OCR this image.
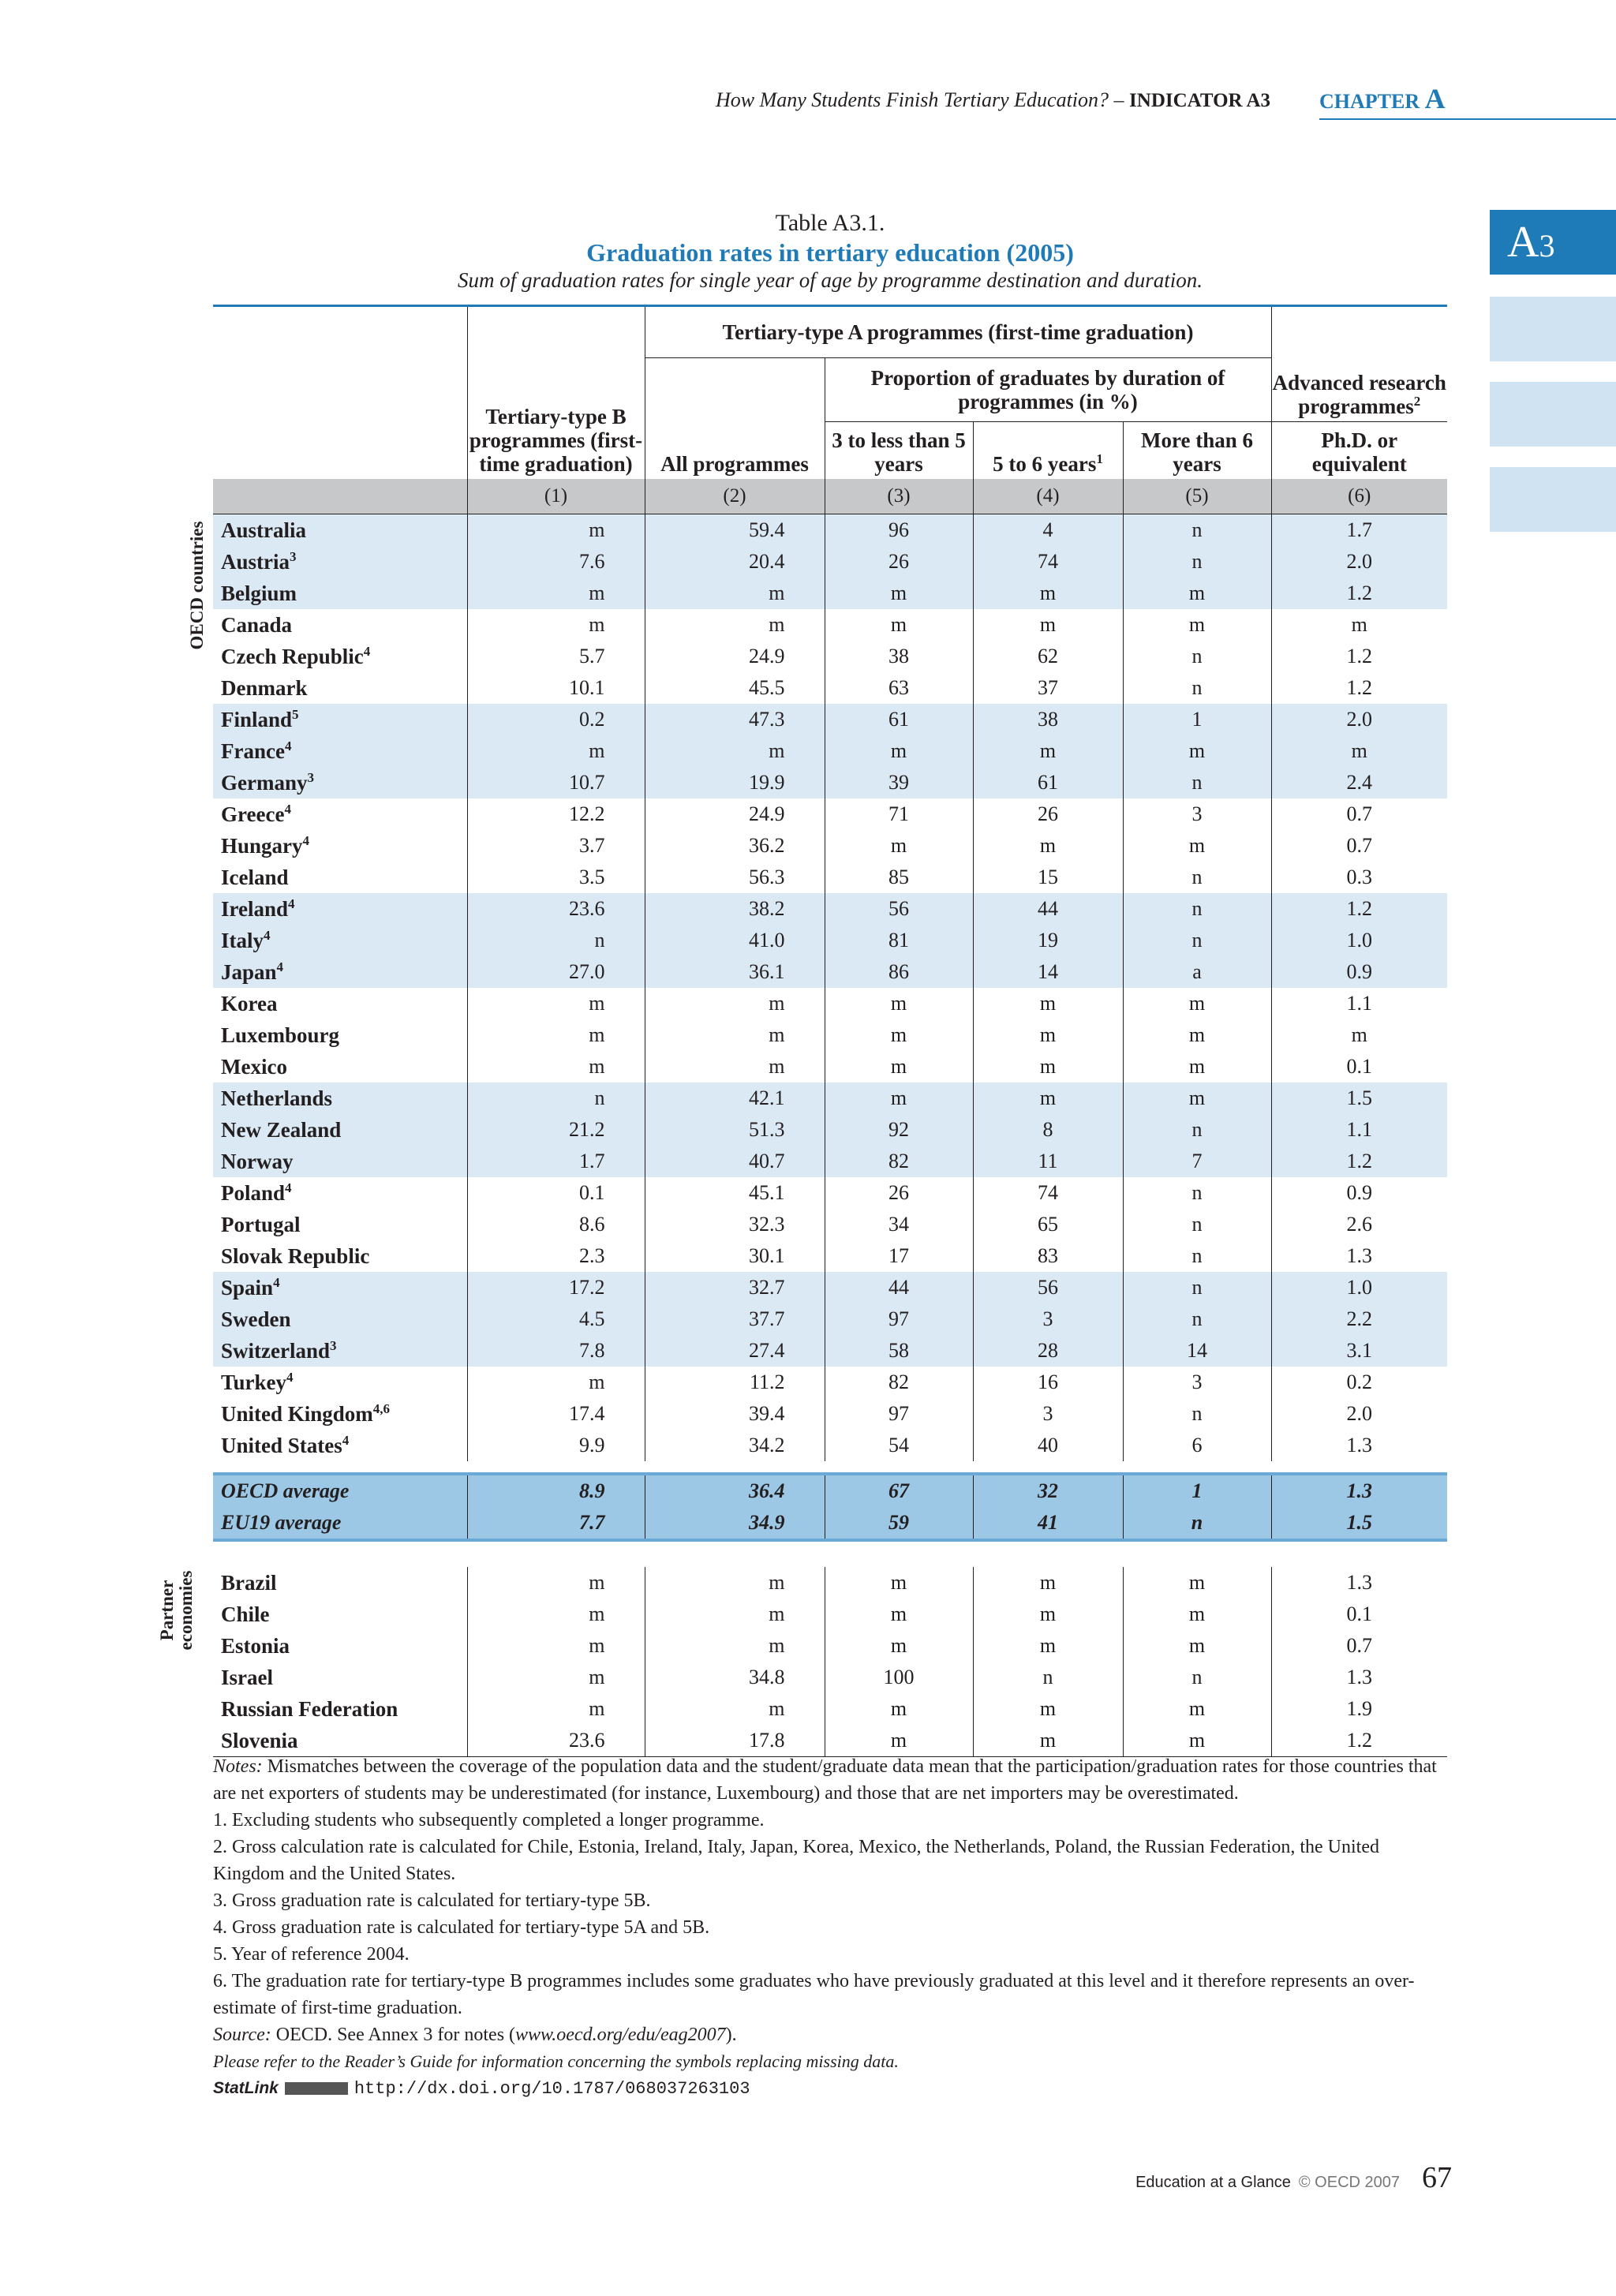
How Many Students Finish Tertiary Education? – INDICATOR A3 CHAPTER A
A3
Table A3.1.
Graduation rates in tertiary education (2005)
Sum of graduation rates for single year of age by programme destination and duration.
OECD countries
Partner economies

	Tertiary-type B programmes (first-time graduation)	Tertiary-type A programmes (first-time graduation)				Advanced research programmes$^2$
		All programmes	Proportion of graduates by duration of programmes (in %)			
			3 to less than 5 years	5 to 6 years$^1$	More than 6 years	Ph.D. or equivalent
	(1)	(2)	(3)	(4)	(5)	(6)
Australia	m	59.4	96	4	n	1.7
Austria$^3$	7.6	20.4	26	74	n	2.0
Belgium	m	m	m	m	m	1.2
Canada	m	m	m	m	m	m
Czech Republic$^4$	5.7	24.9	38	62	n	1.2
Denmark	10.1	45.5	63	37	n	1.2
Finland$^5$	0.2	47.3	61	38	1	2.0
France$^4$	m	m	m	m	m	m
Germany$^3$	10.7	19.9	39	61	n	2.4
Greece$^4$	12.2	24.9	71	26	3	0.7
Hungary$^4$	3.7	36.2	m	m	m	0.7
Iceland	3.5	56.3	85	15	n	0.3
Ireland$^4$	23.6	38.2	56	44	n	1.2
Italy$^4$	n	41.0	81	19	n	1.0
Japan$^4$	27.0	36.1	86	14	a	0.9
Korea	m	m	m	m	m	1.1
Luxembourg	m	m	m	m	m	m
Mexico	m	m	m	m	m	0.1
Netherlands	n	42.1	m	m	m	1.5
New Zealand	21.2	51.3	92	8	n	1.1
Norway	1.7	40.7	82	11	7	1.2
Poland$^4$	0.1	45.1	26	74	n	0.9
Portugal	8.6	32.3	34	65	n	2.6
Slovak Republic	2.3	30.1	17	83	n	1.3
Spain$^4$	17.2	32.7	44	56	n	1.0
Sweden	4.5	37.7	97	3	n	2.2
Switzerland$^3$	7.8	27.4	58	28	14	3.1
Turkey$^4$	m	11.2	82	16	3	0.2
United Kingdom$^{4,6}$	17.4	39.4	97	3	n	2.0
United States$^4$	9.9	34.2	54	40	6	1.3

OECD average	8.9	36.4	67	32	1	1.3
EU19 average	7.7	34.9	59	41	n	1.5

Brazil	m	m	m	m	m	1.3
Chile	m	m	m	m	m	0.1
Estonia	m	m	m	m	m	0.7
Israel	m	34.8	100	n	n	1.3
Russian Federation	m	m	m	m	m	1.9
Slovenia	23.6	17.8	m	m	m	1.2

Notes: Mismatches between the coverage of the population data and the student/graduate data mean that the participation/graduation rates for those countries that are net exporters of students may be underestimated (for instance, Luxembourg) and those that are net importers may be overestimated.

1. Excluding students who subsequently completed a longer programme.

2. Gross calculation rate is calculated for Chile, Estonia, Ireland, Italy, Japan, Korea, Mexico, the Netherlands, Poland, the Russian Federation, the United Kingdom and the United States.

3. Gross graduation rate is calculated for tertiary-type 5B.

4. Gross graduation rate is calculated for tertiary-type 5A and 5B.

5. Year of reference 2004.

6. The graduation rate for tertiary-type B programmes includes some graduates who have previously graduated at this level and it therefore represents an over-estimate of first-time graduation.

Source: OECD. See Annex 3 for notes (www.oecd.org/edu/eag2007).

Please refer to the Reader’s Guide for information concerning the symbols replacing missing data.

StatLink	http://dx.doi.org/10.1787/068037263103

Education at a Glance © OECD 2007 67
